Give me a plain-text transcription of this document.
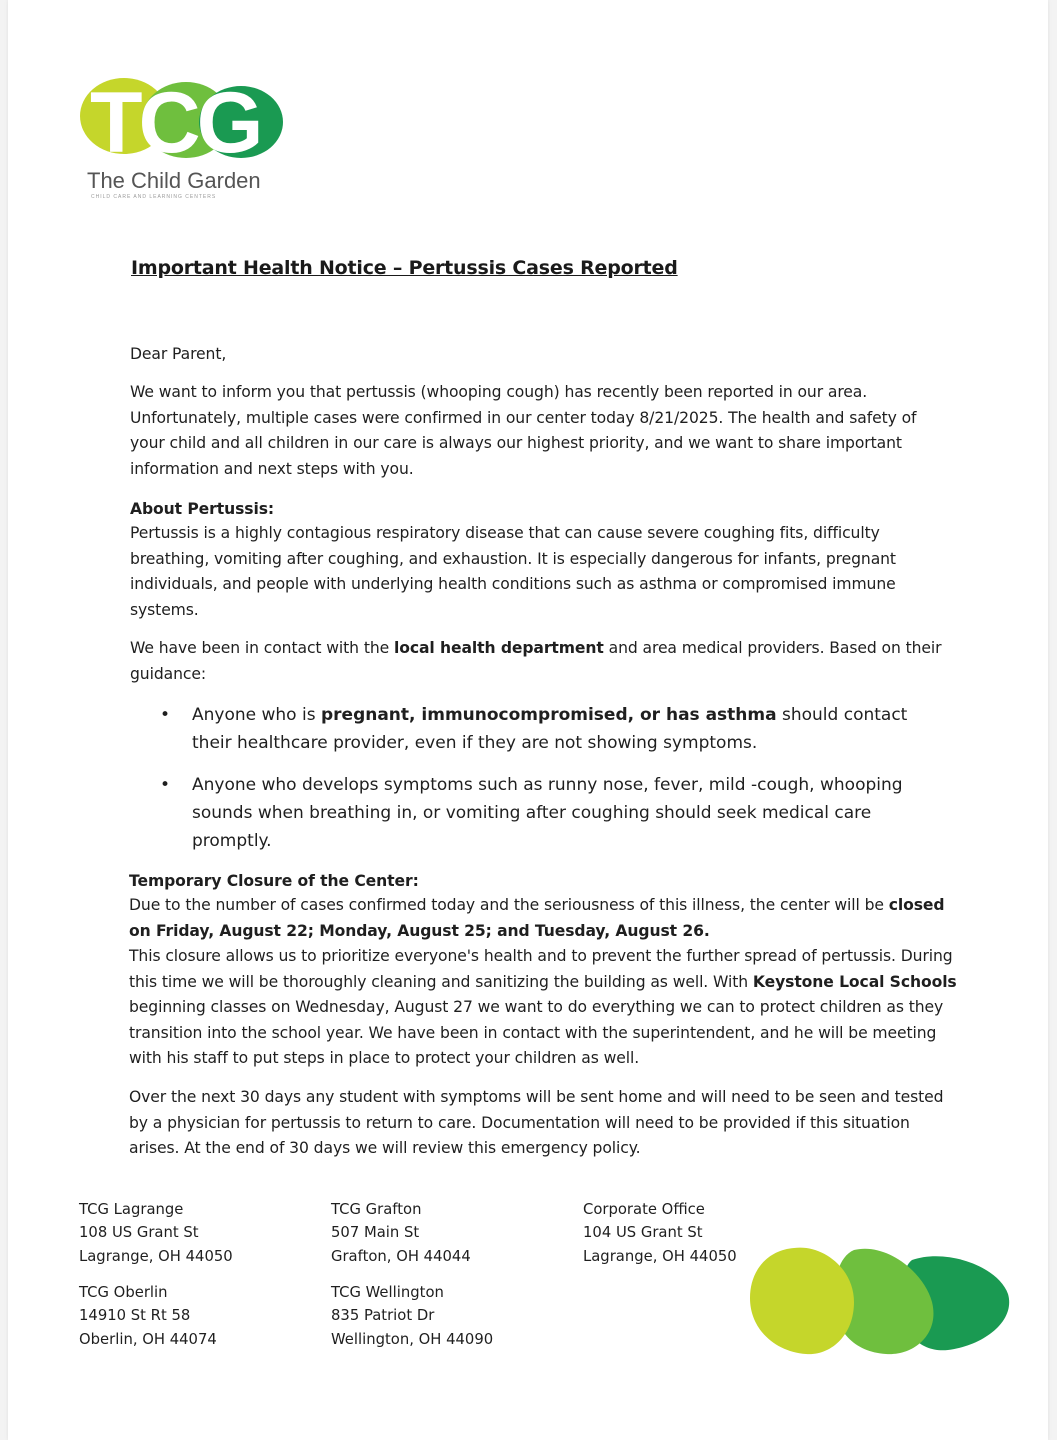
TCG
The Child Garden
CHILD CARE AND LEARNING CENTERS
Important Health Notice – Pertussis Cases Reported
Dear Parent,
We want to inform you that pertussis (whooping cough) has recently been reported in our area. Unfortunately, multiple cases were confirmed in our center today 8/21/2025. The health and safety of your child and all children in our care is always our highest priority, and we want to share important information and next steps with you.
About Pertussis:
Pertussis is a highly contagious respiratory disease that can cause severe coughing fits, difficulty breathing, vomiting after coughing, and exhaustion. It is especially dangerous for infants, pregnant individuals, and people with underlying health conditions such as asthma or compromised immune systems.
We have been in contact with the local health department and area medical providers. Based on their guidance:
• Anyone who is pregnant, immunocompromised, or has asthma should contact their healthcare provider, even if they are not showing symptoms.
• Anyone who develops symptoms such as runny nose, fever, mild -cough, whooping sounds when breathing in, or vomiting after coughing should seek medical care promptly.
Temporary Closure of the Center:
Due to the number of cases confirmed today and the seriousness of this illness, the center will be closed on Friday, August 22; Monday, August 25; and Tuesday, August 26.
This closure allows us to prioritize everyone's health and to prevent the further spread of pertussis. During this time we will be thoroughly cleaning and sanitizing the building as well. With Keystone Local Schools beginning classes on Wednesday, August 27 we want to do everything we can to protect children as they transition into the school year. We have been in contact with the superintendent, and he will be meeting with his staff to put steps in place to protect your children as well.
Over the next 30 days any student with symptoms will be sent home and will need to be seen and tested by a physician for pertussis to return to care. Documentation will need to be provided if this situation arises. At the end of 30 days we will review this emergency policy.
TCG Lagrange
108 US Grant St
Lagrange, OH 44050
TCG Grafton
507 Main St
Grafton, OH 44044
Corporate Office
104 US Grant St
Lagrange, OH 44050
TCG Oberlin
14910 St Rt 58
Oberlin, OH 44074
TCG Wellington
835 Patriot Dr
Wellington, OH 44090
